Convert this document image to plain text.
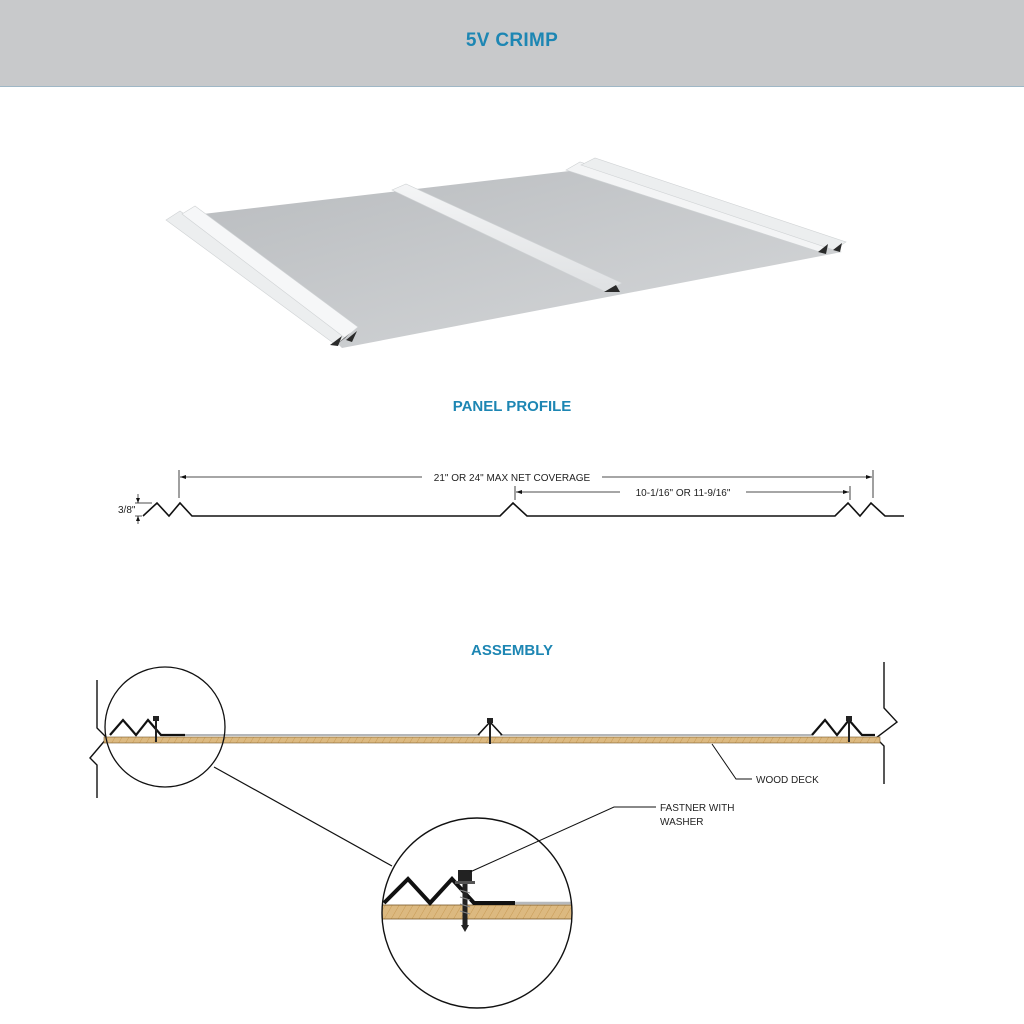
5V CRIMP
PANEL PROFILE
ASSEMBLY
21" OR 24" MAX NET COVERAGE
10-1/16" OR 11-9/16"
3/8"
WOOD DECK
FASTNER WITH
WASHER
